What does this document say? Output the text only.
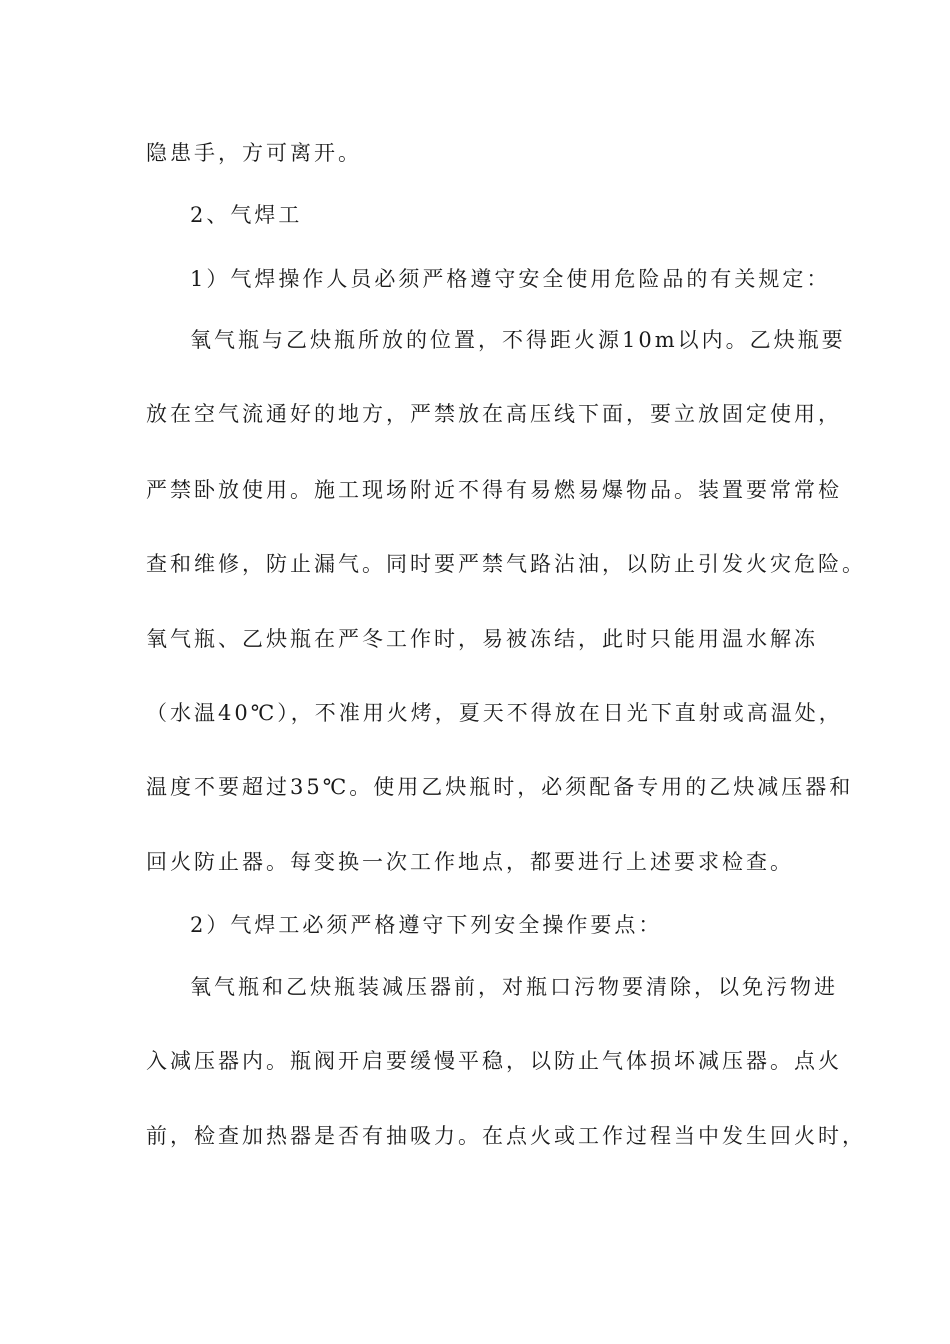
隐患手，方可离开。
2、气焊工
1）气焊操作人员必须严格遵守安全使用危险品的有关规定：
氧气瓶与乙炔瓶所放的位置，不得距火源10m以内。乙炔瓶要
放在空气流通好的地方，严禁放在高压线下面，要立放固定使用，
严禁卧放使用。施工现场附近不得有易燃易爆物品。装置要常常检
查和维修，防止漏气。同时要严禁气路沾油，以防止引发火灾危险。
氧气瓶、乙炔瓶在严冬工作时，易被冻结，此时只能用温水解冻
（水温40℃），不准用火烤，夏天不得放在日光下直射或高温处，
温度不要超过35℃。使用乙炔瓶时，必须配备专用的乙炔减压器和
回火防止器。每变换一次工作地点，都要进行上述要求检查。
2）气焊工必须严格遵守下列安全操作要点：
氧气瓶和乙炔瓶装减压器前，对瓶口污物要清除，以免污物进
入减压器内。瓶阀开启要缓慢平稳，以防止气体损坏减压器。点火
前，检查加热器是否有抽吸力。在点火或工作过程当中发生回火时，
